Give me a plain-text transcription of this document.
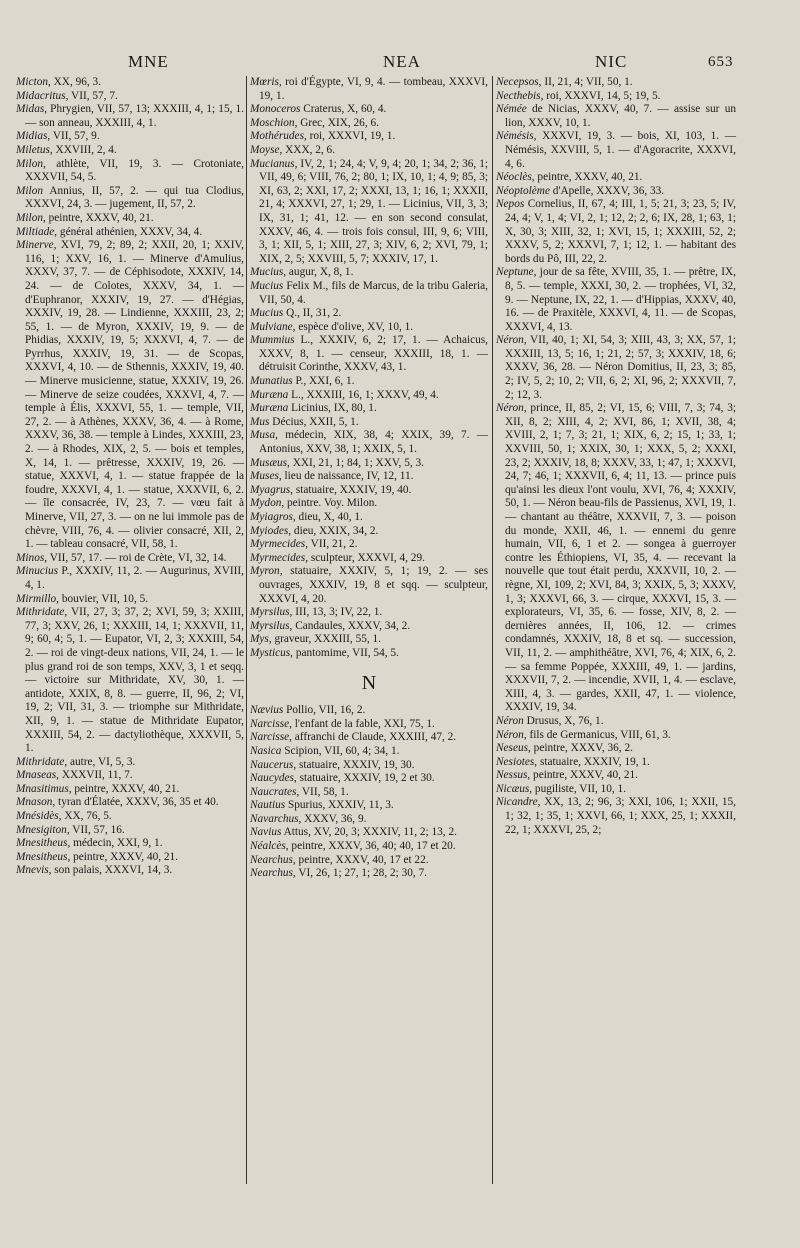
MNE	NEA	NIC	653

Micton, XX, 96, 3.

Midacritus, VII, 57, 7.

Midas, Phrygien, VII, 57, 13; XXXIII, 4, 1; 15, 1. — son anneau, XXXIII, 4, 1.

Midias, VII, 57, 9.

Miletus, XXVIII, 2, 4.

Milon, athlète, VII, 19, 3. — Crotoniate, XXXVII, 54, 5.

Milon Annius, II, 57, 2. — qui tua Clodius, XXXVI, 24, 3. — jugement, II, 57, 2.

Milon, peintre, XXXV, 40, 21.

Miltiade, général athénien, XXXV, 34, 4.

Minerve, XVI, 79, 2; 89, 2; XXII, 20, 1; XXIV, 116, 1; XXV, 16, 1. — Minerve d'Amulius, XXXV, 37, 7. — de Céphisodote, XXXIV, 14, 24. — de Colotes, XXXV, 34, 1. — d'Euphranor, XXXIV, 19, 27. — d'Hégias, XXXIV, 19, 28. — Lindienne, XXXIII, 23, 2; 55, 1. — de Myron, XXXIV, 19, 9. — de Phidias, XXXIV, 19, 5; XXXVI, 4, 7. — de Pyrrhus, XXXIV, 19, 31. — de Scopas, XXXVI, 4, 10. — de Sthennis, XXXIV, 19, 40. — Minerve musicienne, statue, XXXIV, 19, 26. — Minerve de seize coudées, XXXVI, 4, 7. — temple à Élis, XXXVI, 55, 1. — temple, VII, 27, 2. — à Athènes, XXXV, 36, 4. — à Rome, XXXV, 36, 38. — temple à Lindes, XXXIII, 23, 2. — à Rhodes, XIX, 2, 5. — bois et temples, X, 14, 1. — prêtresse, XXXIV, 19, 26. — statue, XXXVI, 4, 1. — statue frappée de la foudre, XXXVI, 4, 1. — statue, XXXVII, 6, 2. — île consacrée, IV, 23, 7. — vœu fait à Minerve, VII, 27, 3. — on ne lui immole pas de chèvre, VIII, 76, 4. — olivier consacré, XII, 2, 1. — tableau consacré, VII, 58, 1.

Minos, VII, 57, 17. — roi de Crète, VI, 32, 14.

Minucius P., XXXIV, 11, 2. — Augurinus, XVIII, 4, 1.

Mirmillo, bouvier, VII, 10, 5.

Mithridate, VII, 27, 3; 37, 2; XVI, 59, 3; XXIII, 77, 3; XXV, 26, 1; XXXIII, 14, 1; XXXVII, 11, 9; 60, 4; 5, 1. — Eupator, VI, 2, 3; XXXIII, 54, 2. — roi de vingt-deux nations, VII, 24, 1. — le plus grand roi de son temps, XXV, 3, 1 et seqq. — victoire sur Mithridate, XV, 30, 1. — antidote, XXIX, 8, 8. — guerre, II, 96, 2; VI, 19, 2; VII, 31, 3. — triomphe sur Mithridate, XII, 9, 1. — statue de Mithridate Eupator, XXXIII, 54, 2. — dactyliothèque, XXXVII, 5, 1.

Mithridate, autre, VI, 5, 3.

Mnaseas, XXXVII, 11, 7.

Mnasitimus, peintre, XXXV, 40, 21.

Mnason, tyran d'Élatée, XXXV, 36, 35 et 40.

Mnésidès, XX, 76, 5.

Mnesigiton, VII, 57, 16.

Mnesitheus, médecin, XXI, 9, 1.

Mnesitheus, peintre, XXXV, 40, 21.

Mnevis, son palais, XXXVI, 14, 3.

Mœris, roi d'Égypte, VI, 9, 4. — tombeau, XXXVI, 19, 1.

Monoceros Craterus, X, 60, 4.

Moschion, Grec, XIX, 26, 6.

Mothérudes, roi, XXXVI, 19, 1.

Moyse, XXX, 2, 6.

Mucianus, IV, 2, 1; 24, 4; V, 9, 4; 20, 1; 34, 2; 36, 1; VII, 49, 6; VIII, 76, 2; 80, 1; IX, 10, 1; 4, 9; 85, 3; XI, 63, 2; XXI, 17, 2; XXXI, 13, 1; 16, 1; XXXII, 21, 4; XXXVI, 27, 1; 29, 1. — Licinius, VII, 3, 3; IX, 31, 1; 41, 12. — en son second consulat, XXXV, 46, 4. — trois fois consul, III, 9, 6; VIII, 3, 1; XII, 5, 1; XIII, 27, 3; XIV, 6, 2; XVI, 79, 1; XIX, 2, 5; XXVIII, 5, 7; XXXIV, 17, 1.

Mucius, augur, X, 8, 1.

Mucius Felix M., fils de Marcus, de la tribu Galeria, VII, 50, 4.

Mucius Q., II, 31, 2.

Mulviane, espèce d'olive, XV, 10, 1.

Mummius L., XXXIV, 6, 2; 17, 1. — Achaicus, XXXV, 8, 1. — censeur, XXXIII, 18, 1. — détruisit Corinthe, XXXV, 43, 1.

Munatius P., XXI, 6, 1.

Muræna L., XXXIII, 16, 1; XXXV, 49, 4.

Muræna Licinius, IX, 80, 1.

Mus Décius, XXII, 5, 1.

Musa, médecin, XIX, 38, 4; XXIX, 39, 7. — Antonius, XXV, 38, 1; XXIX, 5, 1.

Musæus, XXI, 21, 1; 84, 1; XXV, 5, 3.

Muses, lieu de naissance, IV, 12, 11.

Myagrus, statuaire, XXXIV, 19, 40.

Mydon, peintre. Voy. Milon.

Myiagros, dieu, X, 40, 1.

Myiodes, dieu, XXIX, 34, 2.

Myrmecides, VII, 21, 2.

Myrmecides, sculpteur, XXXVI, 4, 29.

Myron, statuaire, XXXIV, 5, 1; 19, 2. — ses ouvrages, XXXIV, 19, 8 et sqq. — sculpteur, XXXVI, 4, 20.

Myrsilus, III, 13, 3; IV, 22, 1.

Myrsilus, Candaules, XXXV, 34, 2.

Mys, graveur, XXXIII, 55, 1.

Mysticus, pantomime, VII, 54, 5.

N

Nævius Pollio, VII, 16, 2.

Narcisse, l'enfant de la fable, XXI, 75, 1.

Narcisse, affranchi de Claude, XXXIII, 47, 2.

Nasica Scipion, VII, 60, 4; 34, 1.

Naucerus, statuaire, XXXIV, 19, 30.

Naucydes, statuaire, XXXIV, 19, 2 et 30.

Naucrates, VII, 58, 1.

Nautius Spurius, XXXIV, 11, 3.

Navarchus, XXXV, 36, 9.

Navius Attus, XV, 20, 3; XXXIV, 11, 2; 13, 2.

Néalcès, peintre, XXXV, 36, 40; 40, 17 et 20.

Nearchus, peintre, XXXV, 40, 17 et 22.

Nearchus, VI, 26, 1; 27, 1; 28, 2; 30, 7.

Necepsos, II, 21, 4; VII, 50, 1.

Necthebis, roi, XXXVI, 14, 5; 19, 5.

Némée de Nicias, XXXV, 40, 7. — assise sur un lion, XXXV, 10, 1.

Némésis, XXXVI, 19, 3. — bois, XI, 103, 1. — Némésis, XXVIII, 5, 1. — d'Agoracrite, XXXVI, 4, 6.

Néoclès, peintre, XXXV, 40, 21.

Néoptolème d'Apelle, XXXV, 36, 33.

Nepos Cornelius, II, 67, 4; III, 1, 5; 21, 3; 23, 5; IV, 24, 4; V, 1, 4; VI, 2, 1; 12, 2; 2, 6; IX, 28, 1; 63, 1; X, 30, 3; XIII, 32, 1; XVI, 15, 1; XXXIII, 52, 2; XXXV, 5, 2; XXXVI, 7, 1; 12, 1. — habitant des bords du Pô, III, 22, 2.

Neptune, jour de sa fête, XVIII, 35, 1. — prêtre, IX, 8, 5. — temple, XXXI, 30, 2. — trophées, VI, 32, 9. — Neptune, IX, 22, 1. — d'Hippias, XXXV, 40, 16. — de Praxitèle, XXXVI, 4, 11. — de Scopas, XXXVI, 4, 13.

Néron, VII, 40, 1; XI, 54, 3; XIII, 43, 3; XX, 57, 1; XXXIII, 13, 5; 16, 1; 21, 2; 57, 3; XXXIV, 18, 6; XXXV, 36, 28. — Néron Domitius, II, 23, 3; 85, 2; IV, 5, 2; 10, 2; VII, 6, 2; XI, 96, 2; XXXVII, 7, 2; 12, 3.

Néron, prince, II, 85, 2; VI, 15, 6; VIII, 7, 3; 74, 3; XII, 8, 2; XIII, 4, 2; XVI, 86, 1; XVII, 38, 4; XVIII, 2, 1; 7, 3; 21, 1; XIX, 6, 2; 15, 1; 33, 1; XXVIII, 50, 1; XXIX, 30, 1; XXX, 5, 2; XXXI, 23, 2; XXXIV, 18, 8; XXXV, 33, 1; 47, 1; XXXVI, 24, 7; 46, 1; XXXVII, 6, 4; 11, 13. — prince puis qu'ainsi les dieux l'ont voulu, XVI, 76, 4; XXXIV, 50, 1. — Néron beau-fils de Passienus, XVI, 19, 1. — chantant au théâtre, XXXVII, 7, 3. — poison du monde, XXII, 46, 1. — ennemi du genre humain, VII, 6, 1 et 2. — songea à guerroyer contre les Éthiopiens, VI, 35, 4. — recevant la nouvelle que tout était perdu, XXXVII, 10, 2. — règne, XI, 109, 2; XVI, 84, 3; XXIX, 5, 3; XXXV, 1, 3; XXXVI, 66, 3. — cirque, XXXVI, 15, 3. — explorateurs, VI, 35, 6. — fosse, XIV, 8, 2. — dernières années, II, 106, 12. — crimes condamnés, XXXIV, 18, 8 et sq. — succession, VII, 11, 2. — amphithéâtre, XVI, 76, 4; XIX, 6, 2. — sa femme Poppée, XXXIII, 49, 1. — jardins, XXXVII, 7, 2. — incendie, XVII, 1, 4. — esclave, XIII, 4, 3. — gardes, XXII, 47, 1. — violence, XXXIV, 19, 34.

Néron Drusus, X, 76, 1.

Néron, fils de Germanicus, VIII, 61, 3.

Neseus, peintre, XXXV, 36, 2.

Nesiotes, statuaire, XXXIV, 19, 1.

Nessus, peintre, XXXV, 40, 21.

Nicæus, pugiliste, VII, 10, 1.

Nicandre, XX, 13, 2; 96, 3; XXI, 106, 1; XXII, 15, 1; 32, 1; 35, 1; XXVI, 66, 1; XXX, 25, 1; XXXII, 22, 1; XXXVI, 25, 2;
